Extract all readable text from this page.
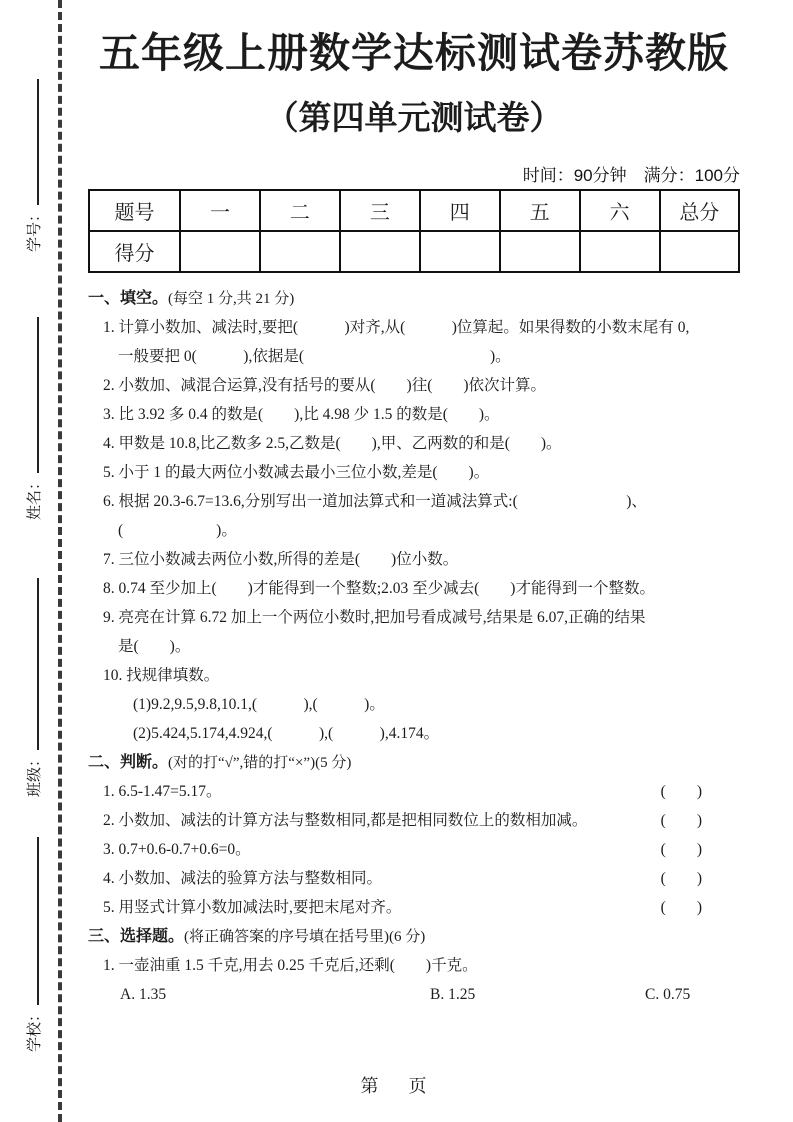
学号：
姓名：
班级：
学校：
五年级上册数学达标测试卷苏教版
（第四单元测试卷）
时间：90分钟　满分：100分
题号	一	二	三	四	五	六	总分
得分							
一、填空。(每空 1 分,共 21 分)
1. 计算小数加、减法时,要把(　　　)对齐,从(　　　)位算起。如果得数的小数末尾有 0,
一般要把 0(　　　),依据是(　　　　　　　　　　　　)。
2. 小数加、减混合运算,没有括号的要从(　　)往(　　)依次计算。
3. 比 3.92 多 0.4 的数是(　　),比 4.98 少 1.5 的数是(　　)。
4. 甲数是 10.8,比乙数多 2.5,乙数是(　　),甲、乙两数的和是(　　)。
5. 小于 1 的最大两位小数减去最小三位小数,差是(　　)。
6. 根据 20.3-6.7=13.6,分别写出一道加法算式和一道减法算式:(　　　　　　　)、
(　　　　　　)。
7. 三位小数减去两位小数,所得的差是(　　)位小数。
8. 0.74 至少加上(　　)才能得到一个整数;2.03 至少减去(　　)才能得到一个整数。
9. 亮亮在计算 6.72 加上一个两位小数时,把加号看成减号,结果是 6.07,正确的结果
是(　　)。
10. 找规律填数。
(1)9.2,9.5,9.8,10.1,(　　　),(　　　)。
(2)5.424,5.174,4.924,(　　　),(　　　),4.174。
二、判断。(对的打“√”,错的打“×”)(5 分)
1. 6.5-1.47=5.17。	(　　)
2. 小数加、减法的计算方法与整数相同,都是把相同数位上的数相加减。	(　　)
3. 0.7+0.6-0.7+0.6=0。	(　　)
4. 小数加、减法的验算方法与整数相同。	(　　)
5. 用竖式计算小数加减法时,要把末尾对齐。	(　　)
三、选择题。(将正确答案的序号填在括号里)(6 分)
1. 一壶油重 1.5 千克,用去 0.25 千克后,还剩(　　)千克。
A. 1.35	B. 1.25	C. 0.75
第　页
